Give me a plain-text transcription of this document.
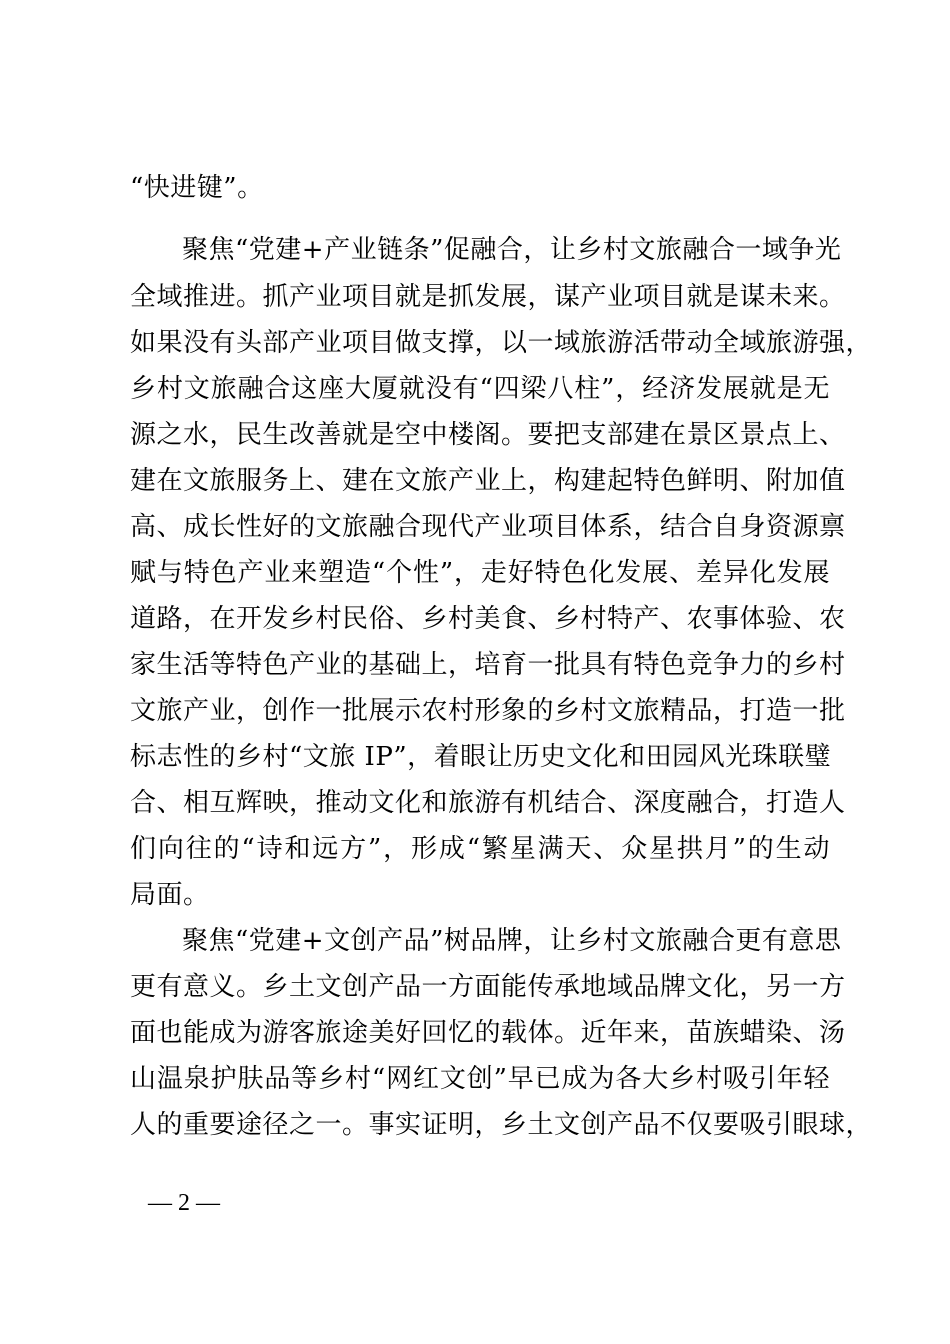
“快进键”。
聚焦“党建+产业链条”促融合，让乡村文旅融合一域争光
全域推进。抓产业项目就是抓发展，谋产业项目就是谋未来。
如果没有头部产业项目做支撑，以一域旅游活带动全域旅游强，
乡村文旅融合这座大厦就没有“四梁八柱”，经济发展就是无
源之水，民生改善就是空中楼阁。要把支部建在景区景点上、
建在文旅服务上、建在文旅产业上，构建起特色鲜明、附加值
高、成长性好的文旅融合现代产业项目体系，结合自身资源禀
赋与特色产业来塑造“个性”，走好特色化发展、差异化发展
道路，在开发乡村民俗、乡村美食、乡村特产、农事体验、农
家生活等特色产业的基础上，培育一批具有特色竞争力的乡村
文旅产业，创作一批展示农村形象的乡村文旅精品，打造一批
标志性的乡村“文旅 IP”，着眼让历史文化和田园风光珠联璧
合、相互辉映，推动文化和旅游有机结合、深度融合，打造人
们向往的“诗和远方”，形成“繁星满天、众星拱月”的生动
局面。
聚焦“党建+文创产品”树品牌，让乡村文旅融合更有意思
更有意义。乡土文创产品一方面能传承地域品牌文化，另一方
面也能成为游客旅途美好回忆的载体。近年来，苗族蜡染、汤
山温泉护肤品等乡村“网红文创”早已成为各大乡村吸引年轻
人的重要途径之一。事实证明，乡土文创产品不仅要吸引眼球，
— 2 —
